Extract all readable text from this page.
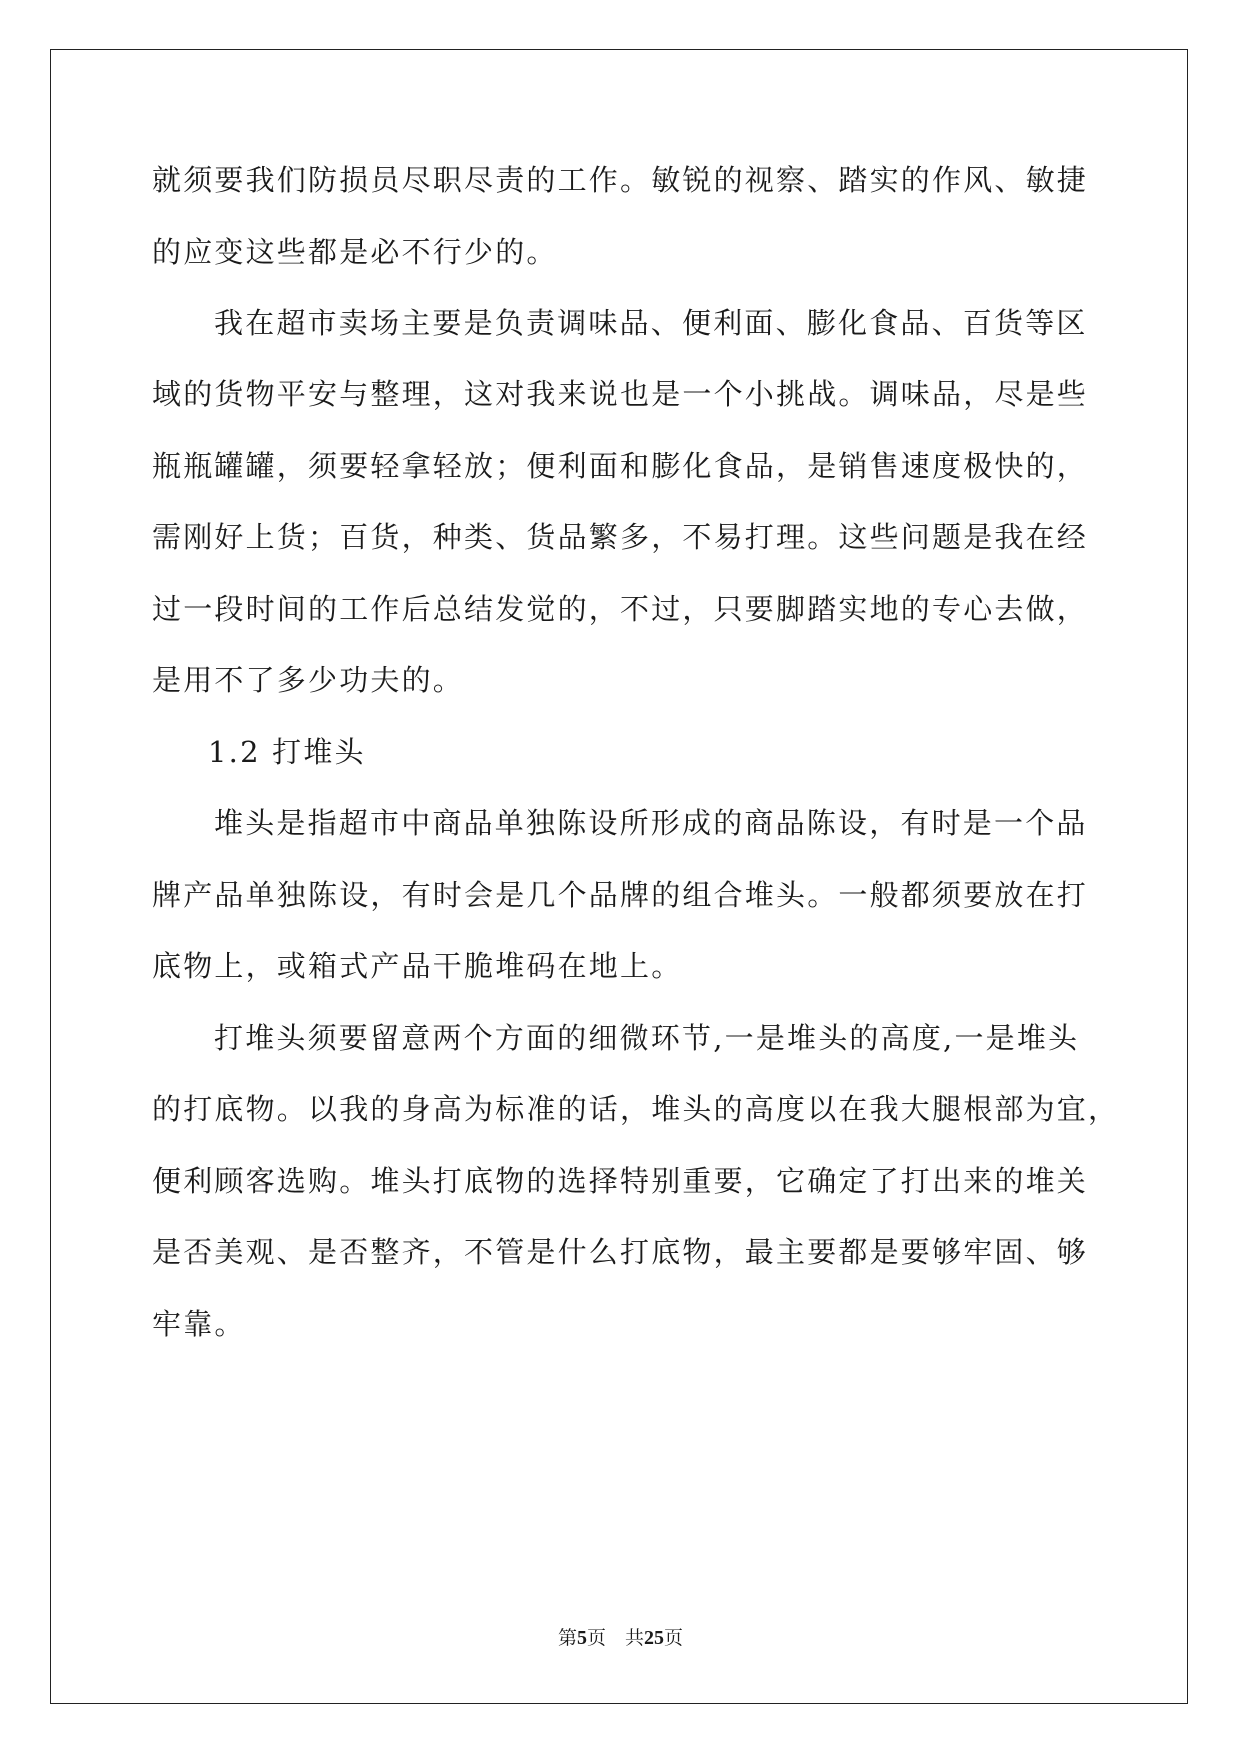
就须要我们防损员尽职尽责的工作。敏锐的视察、踏实的作风、敏捷
的应变这些都是必不行少的。
我在超市卖场主要是负责调味品、便利面、膨化食品、百货等区
域的货物平安与整理，这对我来说也是一个小挑战。调味品，尽是些
瓶瓶罐罐，须要轻拿轻放；便利面和膨化食品，是销售速度极快的，
需刚好上货；百货，种类、货品繁多，不易打理。这些问题是我在经
过一段时间的工作后总结发觉的，不过，只要脚踏实地的专心去做，
是用不了多少功夫的。
1.2 打堆头
堆头是指超市中商品单独陈设所形成的商品陈设，有时是一个品
牌产品单独陈设，有时会是几个品牌的组合堆头。一般都须要放在打
底物上，或箱式产品干脆堆码在地上。
打堆头须要留意两个方面的细微环节,一是堆头的高度,一是堆头
的打底物。以我的身高为标准的话，堆头的高度以在我大腿根部为宜，
便利顾客选购。堆头打底物的选择特别重要，它确定了打出来的堆关
是否美观、是否整齐，不管是什么打底物，最主要都是要够牢固、够
牢靠。
第5页　共25页
